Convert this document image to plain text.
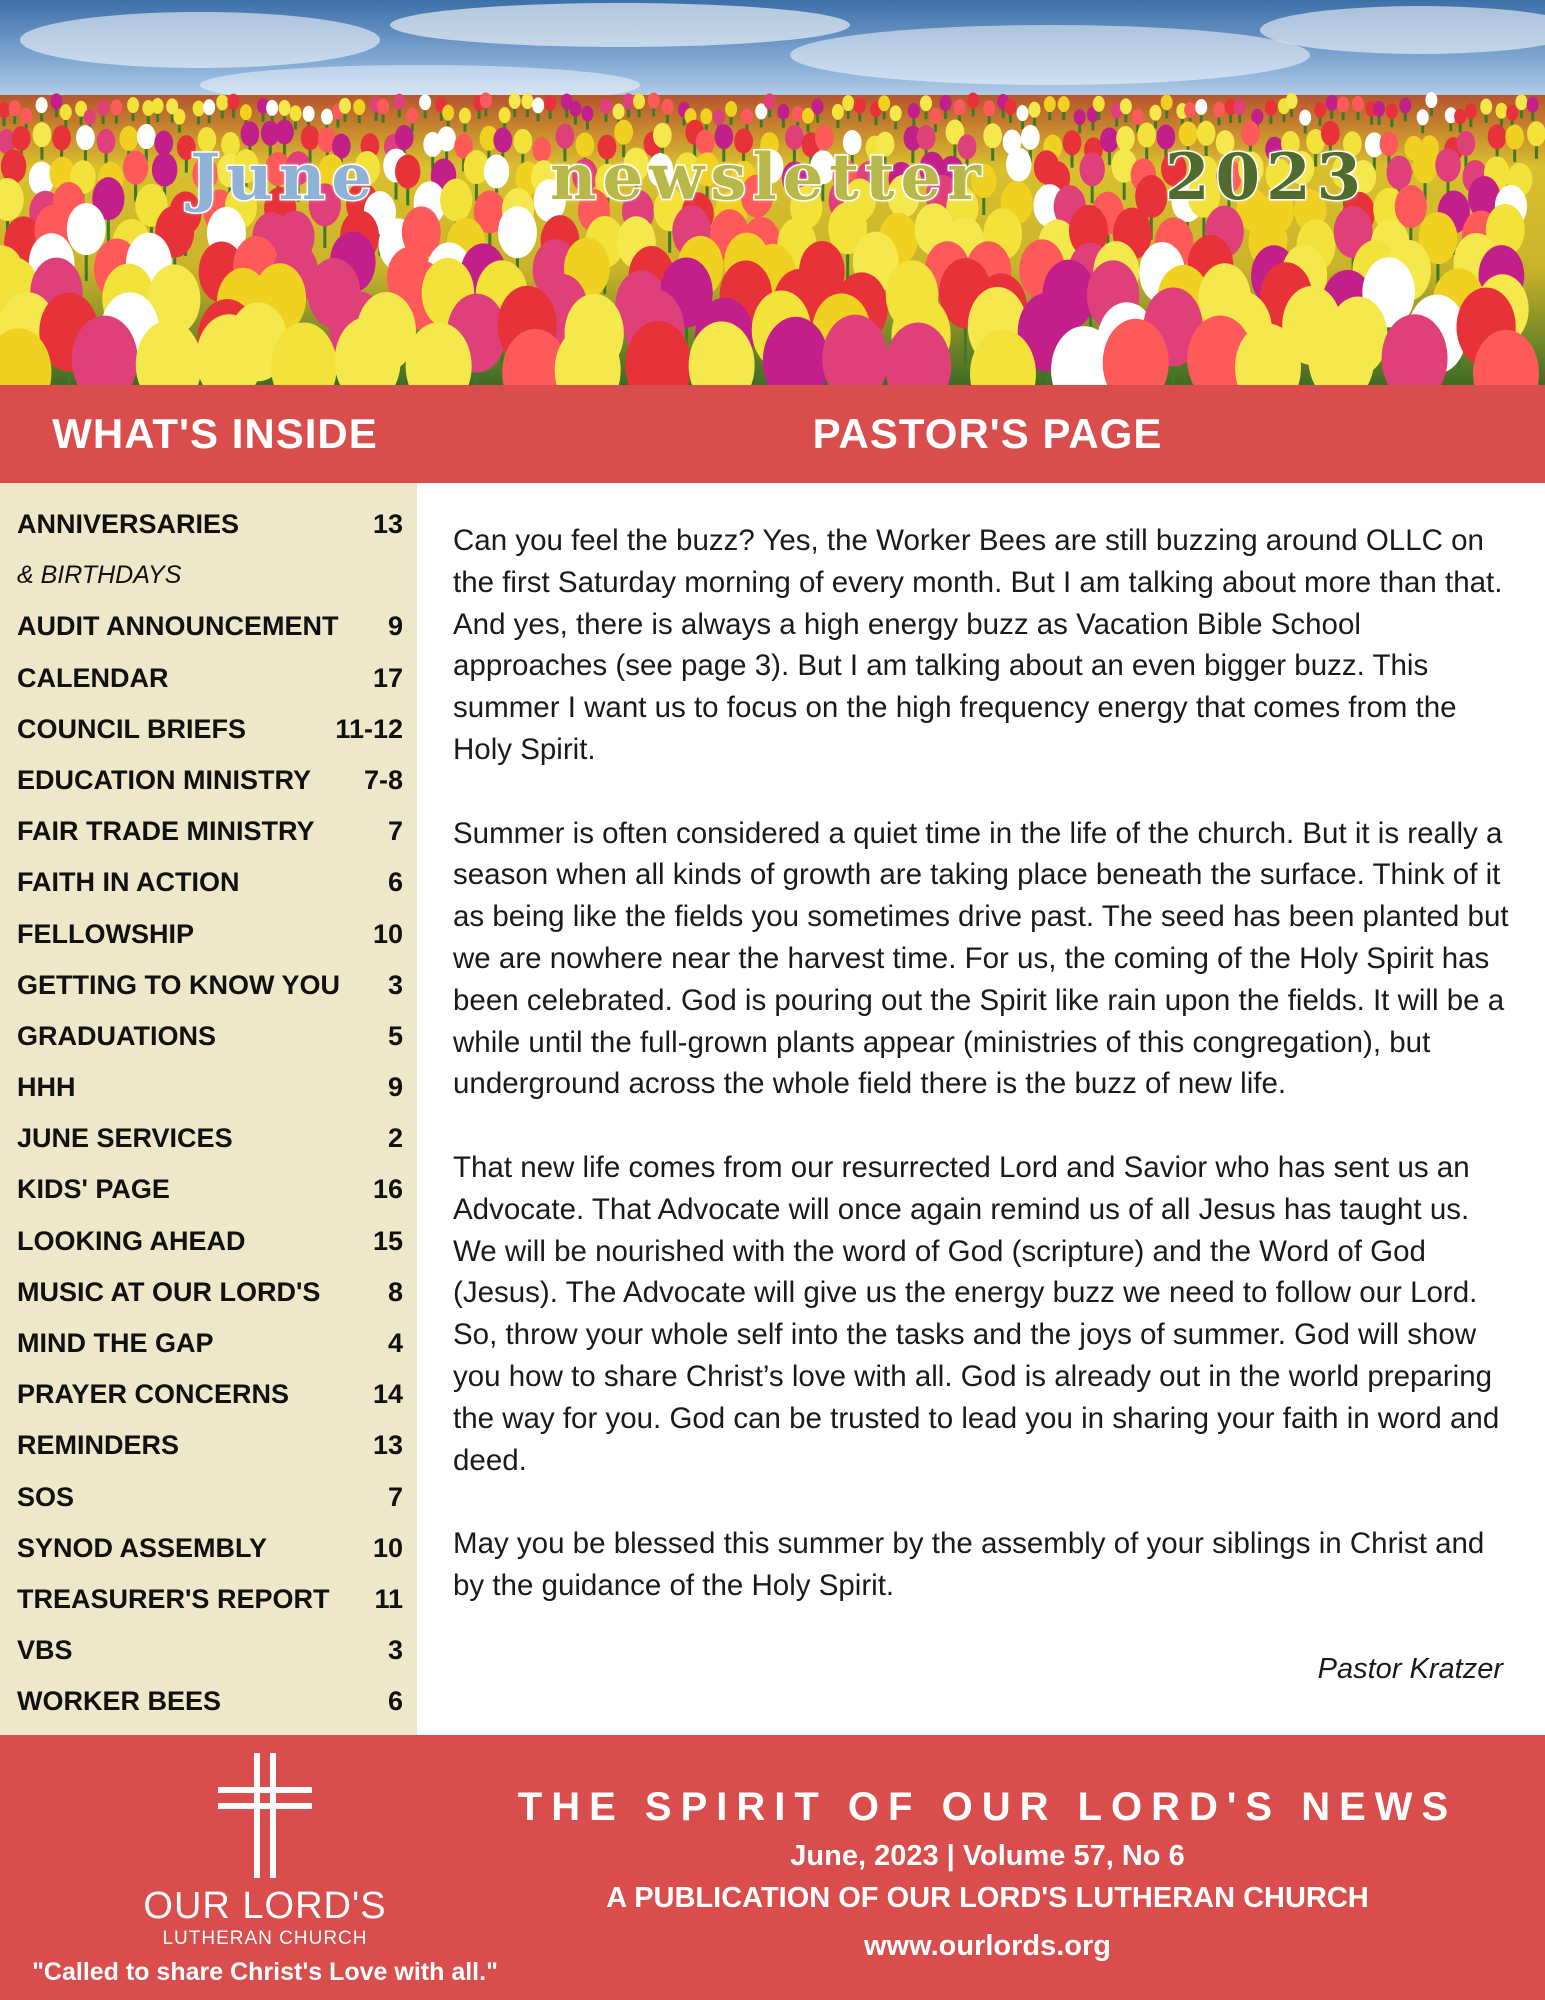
June	newsletter	2023
WHAT'S INSIDE	PASTOR'S PAGE
ANNIVERSARIES	13
& BIRTHDAYS
AUDIT ANNOUNCEMENT 9
CALENDAR	17
COUNCIL BRIEFS	11-12
EDUCATION MINISTRY 7-8
FAIR TRADE MINISTRY	7
FAITH IN ACTION	6
FELLOWSHIP	10
GETTING TO KNOW YOU 3
GRADUATIONS	5
HHH	9
JUNE SERVICES	2
KIDS' PAGE	16
LOOKING AHEAD	15
MUSIC AT OUR LORD'S	8
MIND THE GAP	4
PRAYER CONCERNS	14
REMINDERS	13
SOS	7
SYNOD ASSEMBLY	10
TREASURER'S REPORT 11
VBS	3
WORKER BEES	6

Can you feel the buzz? Yes, the Worker Bees are still buzzing around OLLC on the first Saturday morning of every month. But I am talking about more than that. And yes, there is always a high energy buzz as Vacation Bible School approaches (see page 3). But I am talking about an even bigger buzz. This summer I want us to focus on the high frequency energy that comes from the Holy Spirit.

Summer is often considered a quiet time in the life of the church. But it is really a season when all kinds of growth are taking place beneath the surface. Think of it as being like the fields you sometimes drive past. The seed has been planted but we are nowhere near the harvest time. For us, the coming of the Holy Spirit has been celebrated. God is pouring out the Spirit like rain upon the fields. It will be a while until the full-grown plants appear (ministries of this congregation), but underground across the whole field there is the buzz of new life.

That new life comes from our resurrected Lord and Savior who has sent us an Advocate. That Advocate will once again remind us of all Jesus has taught us. We will be nourished with the word of God (scripture) and the Word of God (Jesus). The Advocate will give us the energy buzz we need to follow our Lord. So, throw your whole self into the tasks and the joys of summer. God will show you how to share Christ’s love with all. God is already out in the world preparing the way for you. God can be trusted to lead you in sharing your faith in word and deed.

May you be blessed this summer by the assembly of your siblings in Christ and by the guidance of the Holy Spirit.

Pastor Kratzer
OUR LORD'S
LUTHERAN CHURCH
"Called to share Christ's Love with all."
THE SPIRIT OF OUR LORD'S NEWS
June, 2023 | Volume 57, No 6
A PUBLICATION OF OUR LORD'S LUTHERAN CHURCH
www.ourlords.org
